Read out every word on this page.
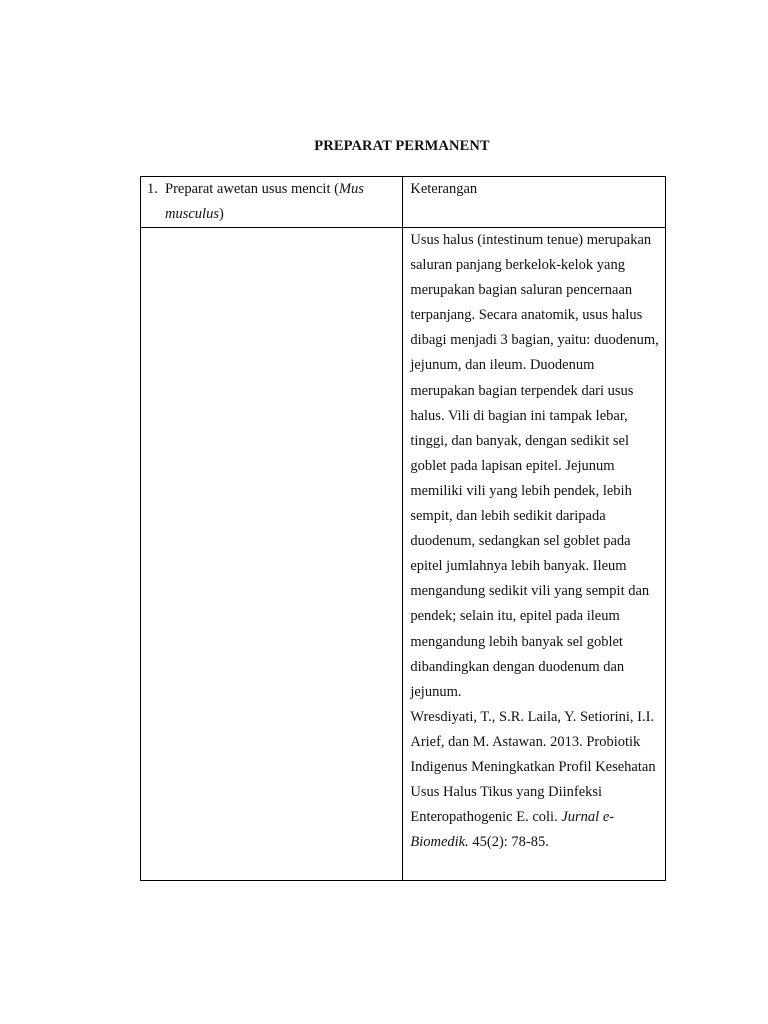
PREPARAT PERMANENT
1. Preparat awetan usus mencit (Mus musculus)	Keterangan

	Usus halus (intestinum tenue) merupakan saluran panjang berkelok-kelok yang merupakan bagian saluran pencernaan terpanjang. Secara anatomik, usus halus dibagi menjadi 3 bagian, yaitu: duodenum, jejunum, dan ileum. Duodenum merupakan bagian terpendek dari usus halus. Vili di bagian ini tampak lebar, tinggi, dan banyak, dengan sedikit sel goblet pada lapisan epitel. Jejunum memiliki vili yang lebih pendek, lebih sempit, dan lebih sedikit daripada duodenum, sedangkan sel goblet pada epitel jumlahnya lebih banyak. Ileum mengandung sedikit vili yang sempit dan pendek; selain itu, epitel pada ileum mengandung lebih banyak sel goblet dibandingkan dengan duodenum dan jejunum.

Wresdiyati, T., S.R. Laila, Y. Setiorini, I.I. Arief, dan M. Astawan. 2013. Probiotik Indigenus Meningkatkan Profil Kesehatan Usus Halus Tikus yang Diinfeksi Enteropathogenic E. coli. Jurnal e-Biomedik. 45(2): 78-85.
